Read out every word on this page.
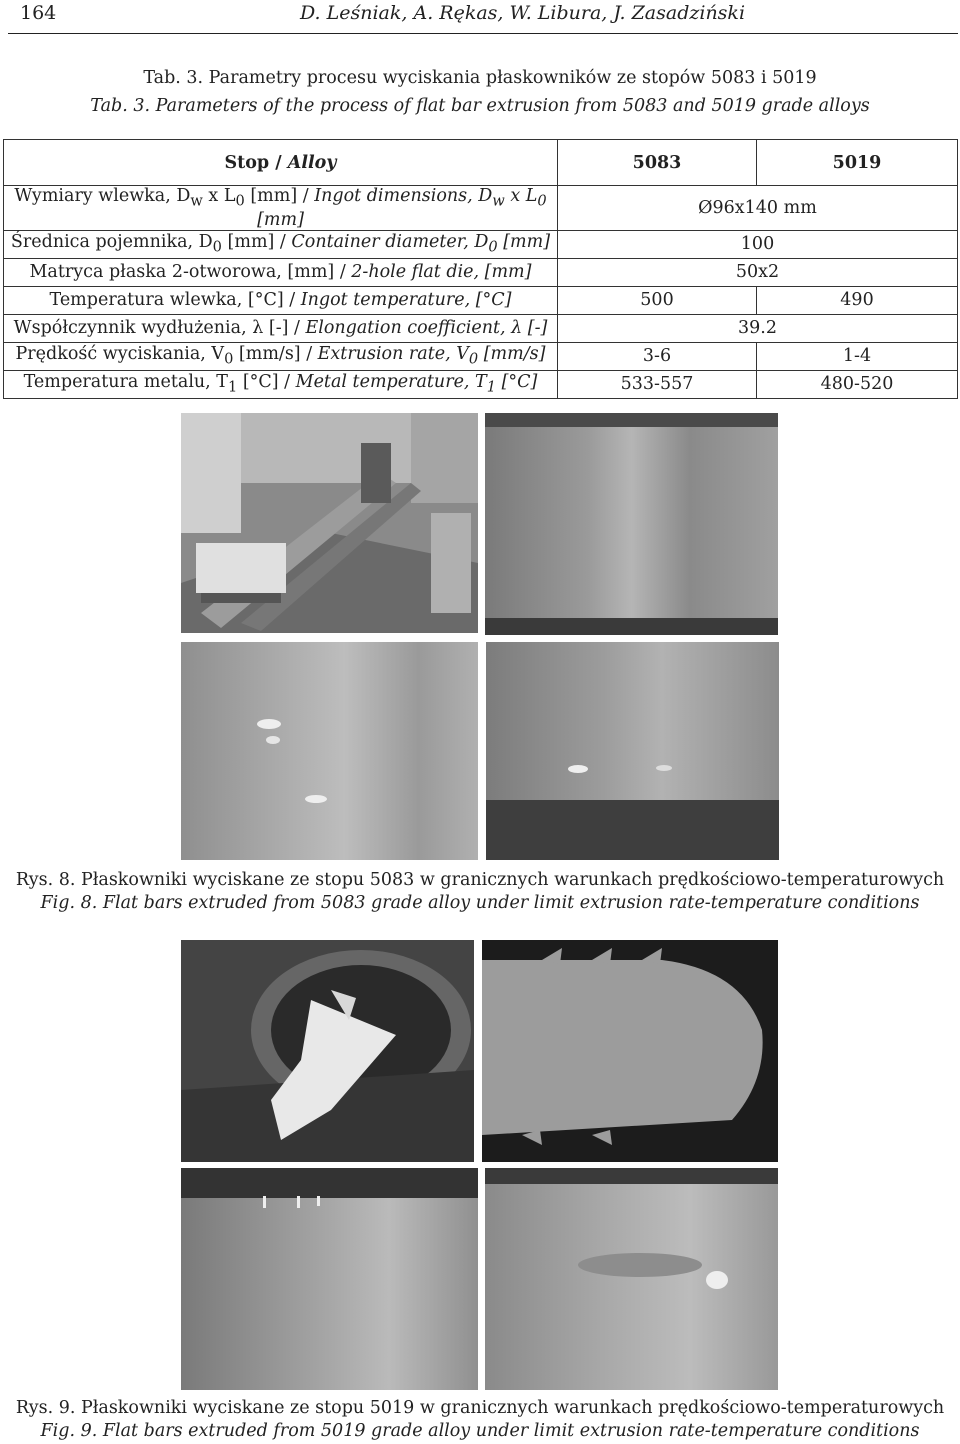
164	D. Leśniak, A. Rękas, W. Libura, J. Zasadziński
Tab. 3. Parametry procesu wyciskania płaskowników ze stopów 5083 i 5019
Tab. 3. Parameters of the process of flat bar extrusion from 5083 and 5019 grade alloys
Stop / Alloy	5083	5019
Wymiary wlewka, $D_w$ x $L_0$ [mm] / Ingot dimensions, $D_w$ x $L_0$ [mm]	Ø96x140 mm	
Średnica pojemnika, $D_0$ [mm] / Container diameter, $D_0$ [mm]	100	
Matryca płaska 2-otworowa, [mm] / 2-hole flat die, [mm]	50x2	
Temperatura wlewka, [°C] / Ingot temperature, [°C]	500	490
Współczynnik wydłużenia, λ [-] / Elongation coefficient, λ [-]	39.2	
Prędkość wyciskania, $V_0$ [mm/s] / Extrusion rate, $V_0$ [mm/s]	3-6	1-4
Temperatura metalu, $T_1$ [°C] / Metal temperature, $T_1$ [°C]	533-557	480-520
Rys. 8. Płaskowniki wyciskane ze stopu 5083 w granicznych warunkach prędkościowo-temperaturowych
Fig. 8. Flat bars extruded from 5083 grade alloy under limit extrusion rate-temperature conditions
Rys. 9. Płaskowniki wyciskane ze stopu 5019 w granicznych warunkach prędkościowo-temperaturowych
Fig. 9. Flat bars extruded from 5019 grade alloy under limit extrusion rate-temperature conditions
